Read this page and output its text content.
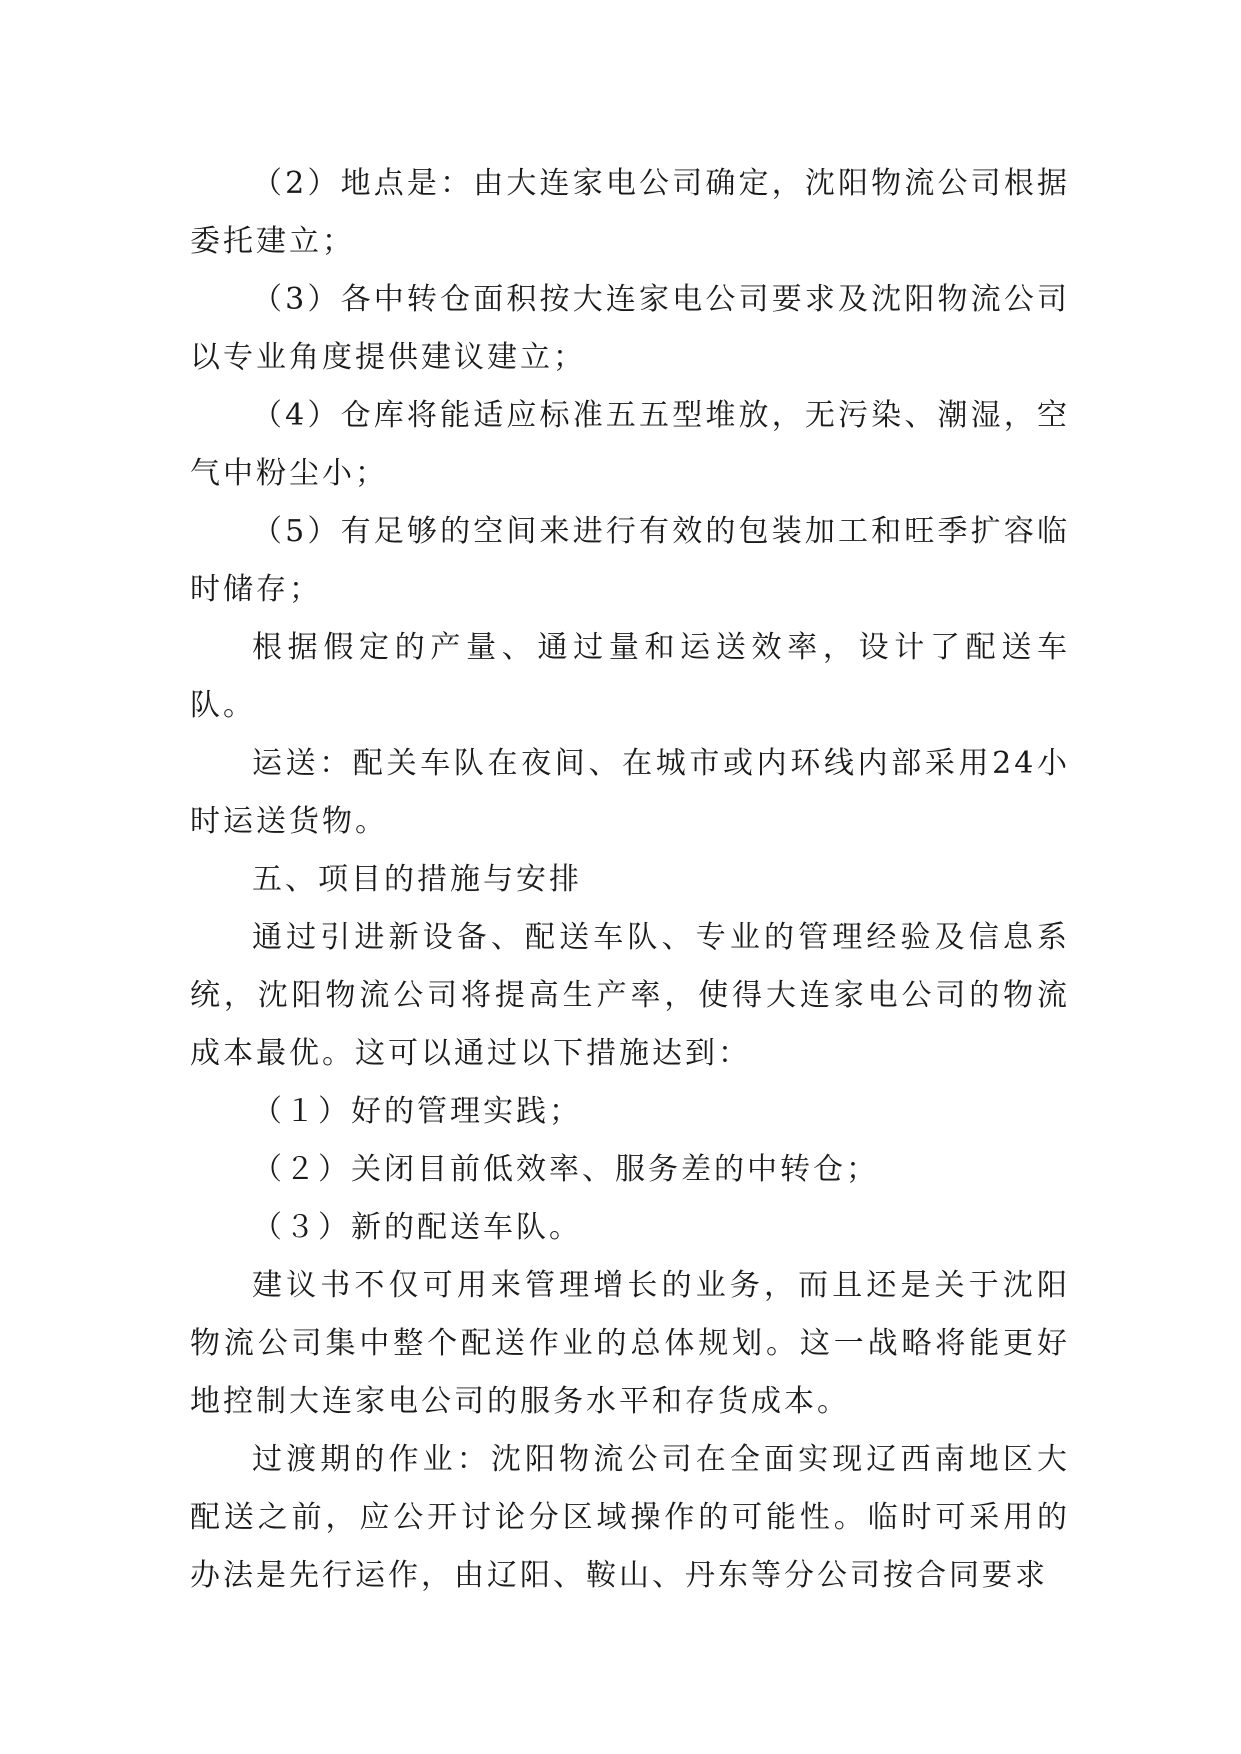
（2）地点是：由大连家电公司确定，沈阳物流公司根据委托建立；

（3）各中转仓面积按大连家电公司要求及沈阳物流公司以专业角度提供建议建立；

（4）仓库将能适应标准五五型堆放，无污染、潮湿，空气中粉尘小；

（5）有足够的空间来进行有效的包装加工和旺季扩容临时储存；

根据假定的产量、通过量和运送效率，设计了配送车队。

运送：配关车队在夜间、在城市或内环线内部采用24小时运送货物。

五、项目的措施与安排

通过引进新设备、配送车队、专业的管理经验及信息系统，沈阳物流公司将提高生产率，使得大连家电公司的物流成本最优。这可以通过以下措施达到：

（１）好的管理实践；

（２）关闭目前低效率、服务差的中转仓；

（３）新的配送车队。

建议书不仅可用来管理增长的业务，而且还是关于沈阳物流公司集中整个配送作业的总体规划。这一战略将能更好地控制大连家电公司的服务水平和存货成本。

过渡期的作业：沈阳物流公司在全面实现辽西南地区大配送之前，应公开讨论分区域操作的可能性。临时可采用的办法是先行运作，由辽阳、鞍山、丹东等分公司按合同要求
